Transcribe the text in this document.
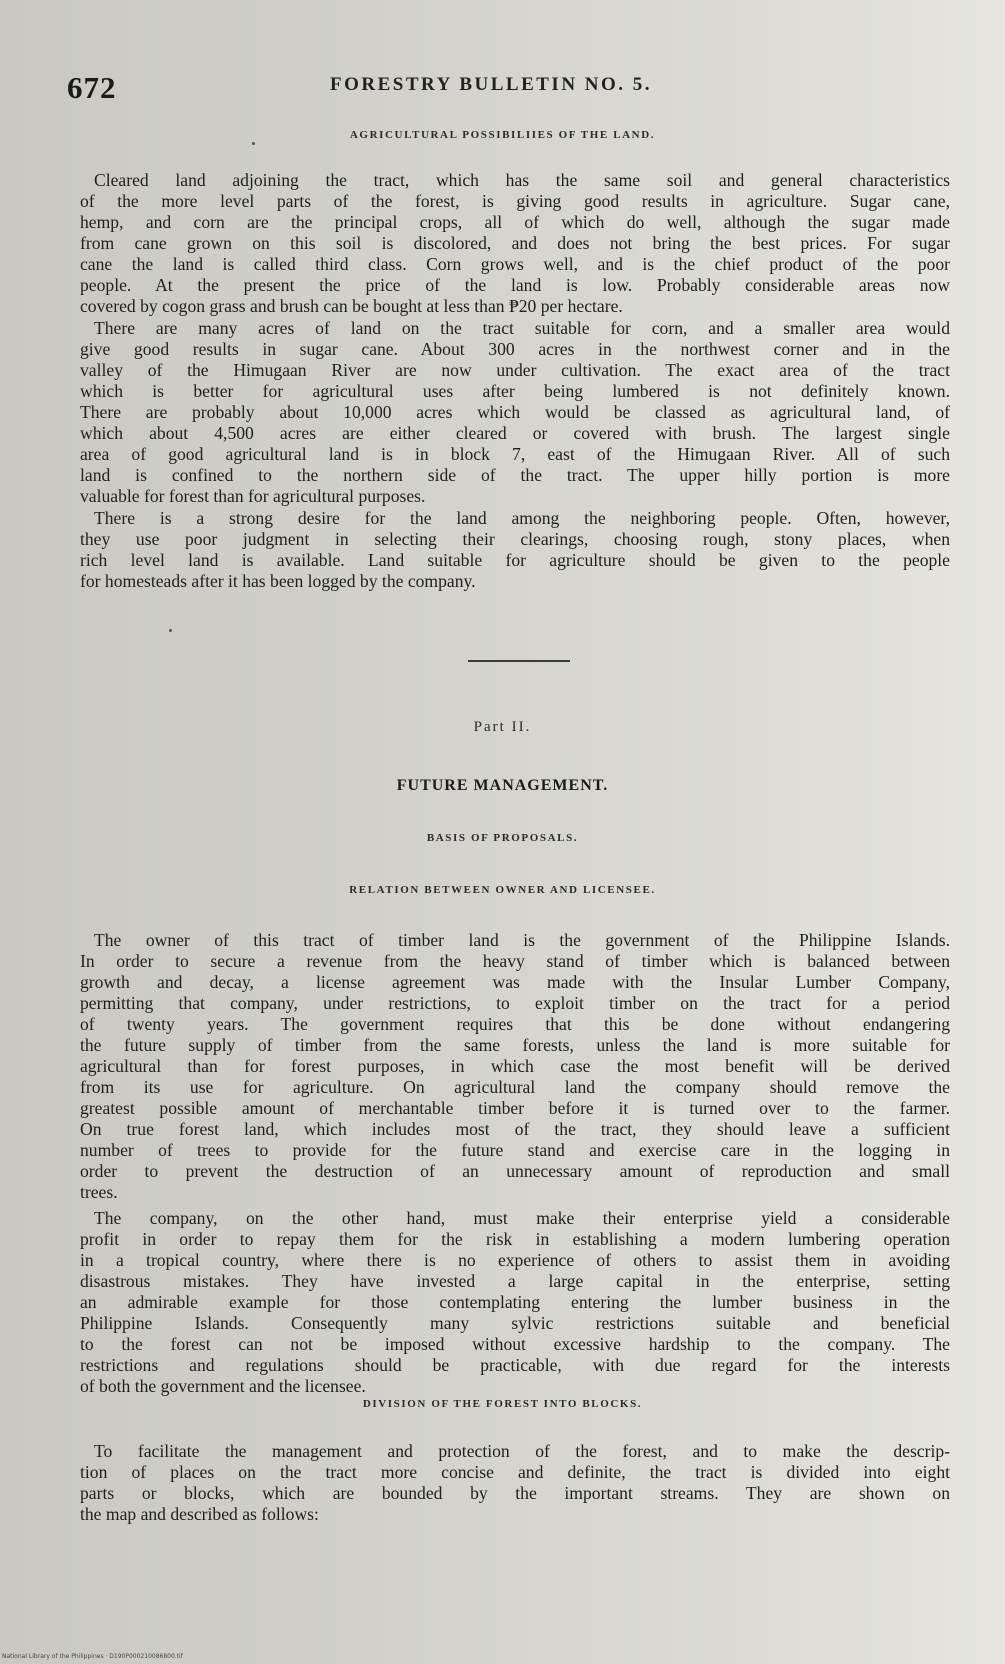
672	FORESTRY BULLETIN NO. 5.
AGRICULTURAL POSSIBILIIES OF THE LAND.
Cleared land adjoining the tract, which has the same soil and general characteristics
of the more level parts of the forest, is giving good results in agriculture. Sugar cane,
hemp, and corn are the principal crops, all of which do well, although the sugar made
from cane grown on this soil is discolored, and does not bring the best prices. For sugar
cane the land is called third class. Corn grows well, and is the chief product of the poor
people. At the present the price of the land is low. Probably considerable areas now
covered by cogon grass and brush can be bought at less than ₱20 per hectare.
There are many acres of land on the tract suitable for corn, and a smaller area would
give good results in sugar cane. About 300 acres in the northwest corner and in the
valley of the Himugaan River are now under cultivation. The exact area of the tract
which is better for agricultural uses after being lumbered is not definitely known.
There are probably about 10,000 acres which would be classed as agricultural land, of
which about 4,500 acres are either cleared or covered with brush. The largest single
area of good agricultural land is in block 7, east of the Himugaan River. All of such
land is confined to the northern side of the tract. The upper hilly portion is more
valuable for forest than for agricultural purposes.
There is a strong desire for the land among the neighboring people. Often, however,
they use poor judgment in selecting their clearings, choosing rough, stony places, when
rich level land is available. Land suitable for agriculture should be given to the people
for homesteads after it has been logged by the company.
Part II.
FUTURE MANAGEMENT.
BASIS OF PROPOSALS.
RELATION BETWEEN OWNER AND LICENSEE.
The owner of this tract of timber land is the government of the Philippine Islands.
In order to secure a revenue from the heavy stand of timber which is balanced between
growth and decay, a license agreement was made with the Insular Lumber Company,
permitting that company, under restrictions, to exploit timber on the tract for a period
of twenty years. The government requires that this be done without endangering
the future supply of timber from the same forests, unless the land is more suitable for
agricultural than for forest purposes, in which case the most benefit will be derived
from its use for agriculture. On agricultural land the company should remove the
greatest possible amount of merchantable timber before it is turned over to the farmer.
On true forest land, which includes most of the tract, they should leave a sufficient
number of trees to provide for the future stand and exercise care in the logging in
order to prevent the destruction of an unnecessary amount of reproduction and small
trees.
The company, on the other hand, must make their enterprise yield a considerable
profit in order to repay them for the risk in establishing a modern lumbering operation
in a tropical country, where there is no experience of others to assist them in avoiding
disastrous mistakes. They have invested a large capital in the enterprise, setting
an admirable example for those contemplating entering the lumber business in the
Philippine Islands. Consequently many sylvic restrictions suitable and beneficial
to the forest can not be imposed without excessive hardship to the company. The
restrictions and regulations should be practicable, with due regard for the interests
of both the government and the licensee.
DIVISION OF THE FOREST INTO BLOCKS.
To facilitate the management and protection of the forest, and to make the descrip-
tion of places on the tract more concise and definite, the tract is divided into eight
parts or blocks, which are bounded by the important streams. They are shown on
the map and described as follows:
National Library of the Philippines · D190P000210086800.tif
